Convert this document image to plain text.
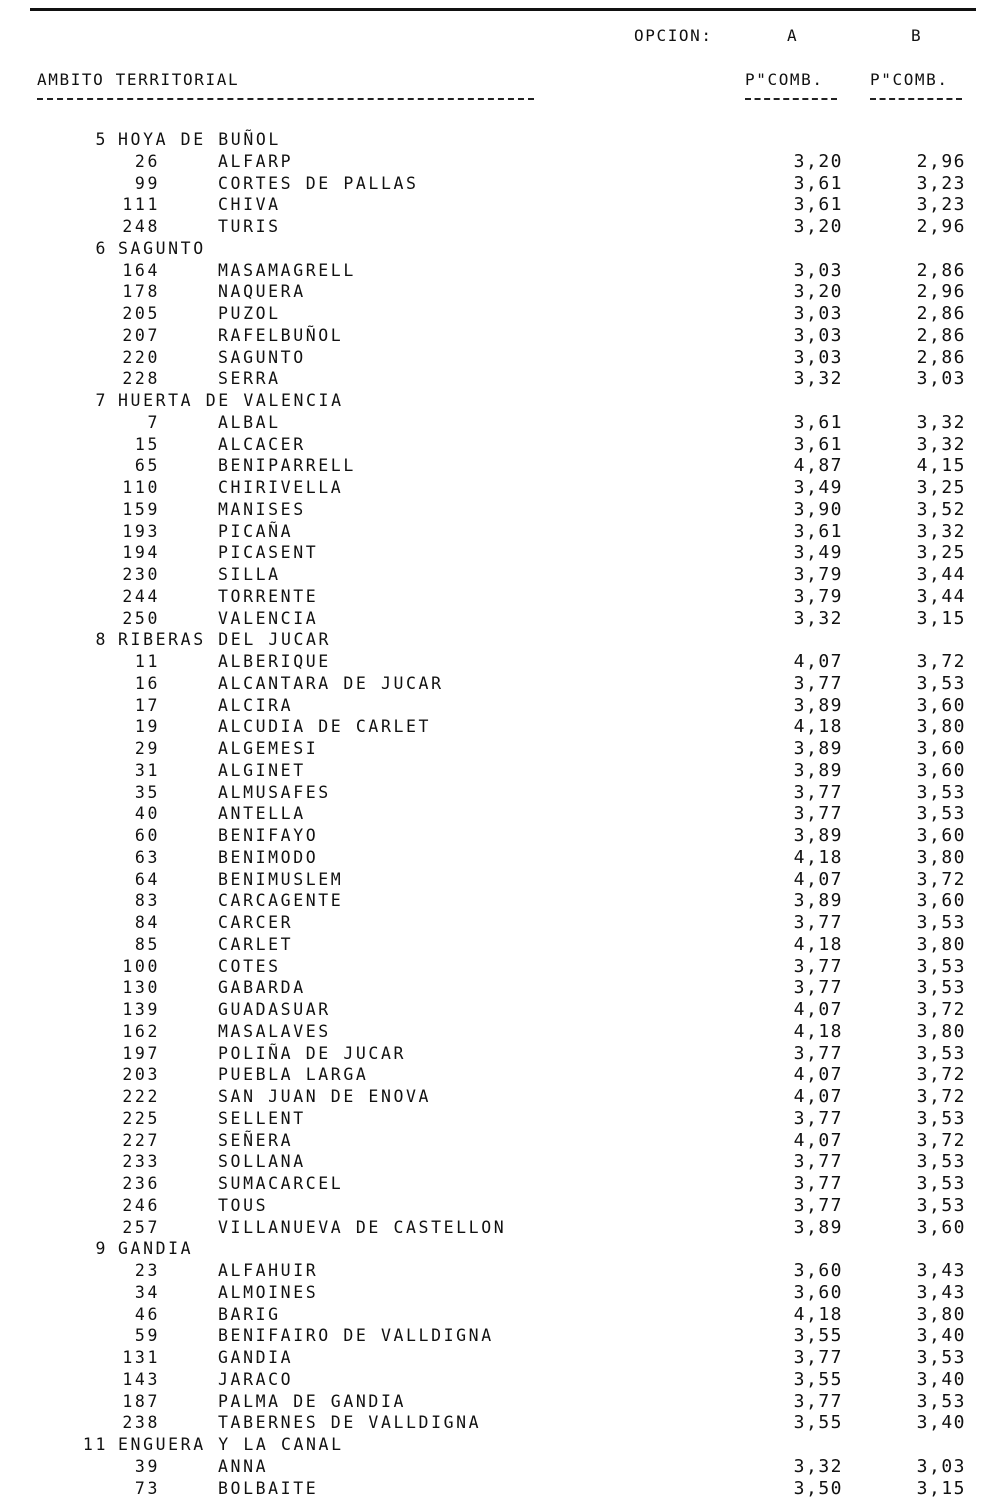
OPCION:	A	B
AMBITO TERRITORIAL	P"COMB.	P"COMB.
5 HOYA DE BUÑOL
26	ALFARP	3,20	2,96
99	CORTES DE PALLAS	3,61	3,23
111	CHIVA	3,61	3,23
248	TURIS	3,20	2,96
6 SAGUNTO
164	MASAMAGRELL	3,03	2,86
178	NAQUERA	3,20	2,96
205	PUZOL	3,03	2,86
207	RAFELBUÑOL	3,03	2,86
220	SAGUNTO	3,03	2,86
228	SERRA	3,32	3,03
7 HUERTA DE VALENCIA
7	ALBAL	3,61	3,32
15	ALCACER	3,61	3,32
65	BENIPARRELL	4,87	4,15
110	CHIRIVELLA	3,49	3,25
159	MANISES	3,90	3,52
193	PICAÑA	3,61	3,32
194	PICASENT	3,49	3,25
230	SILLA	3,79	3,44
244	TORRENTE	3,79	3,44
250	VALENCIA	3,32	3,15
8 RIBERAS DEL JUCAR
11	ALBERIQUE	4,07	3,72
16	ALCANTARA DE JUCAR	3,77	3,53
17	ALCIRA	3,89	3,60
19	ALCUDIA DE CARLET	4,18	3,80
29	ALGEMESI	3,89	3,60
31	ALGINET	3,89	3,60
35	ALMUSAFES	3,77	3,53
40	ANTELLA	3,77	3,53
60	BENIFAYO	3,89	3,60
63	BENIMODO	4,18	3,80
64	BENIMUSLEM	4,07	3,72
83	CARCAGENTE	3,89	3,60
84	CARCER	3,77	3,53
85	CARLET	4,18	3,80
100	COTES	3,77	3,53
130	GABARDA	3,77	3,53
139	GUADASUAR	4,07	3,72
162	MASALAVES	4,18	3,80
197	POLIÑA DE JUCAR	3,77	3,53
203	PUEBLA LARGA	4,07	3,72
222	SAN JUAN DE ENOVA	4,07	3,72
225	SELLENT	3,77	3,53
227	SEÑERA	4,07	3,72
233	SOLLANA	3,77	3,53
236	SUMACARCEL	3,77	3,53
246	TOUS	3,77	3,53
257	VILLANUEVA DE CASTELLON	3,89	3,60
9 GANDIA
23	ALFAHUIR	3,60	3,43
34	ALMOINES	3,60	3,43
46	BARIG	4,18	3,80
59	BENIFAIRO DE VALLDIGNA	3,55	3,40
131	GANDIA	3,77	3,53
143	JARACO	3,55	3,40
187	PALMA DE GANDIA	3,77	3,53
238	TABERNES DE VALLDIGNA	3,55	3,40
11 ENGUERA Y LA CANAL
39	ANNA	3,32	3,03
73	BOLBAITE	3,50	3,15
